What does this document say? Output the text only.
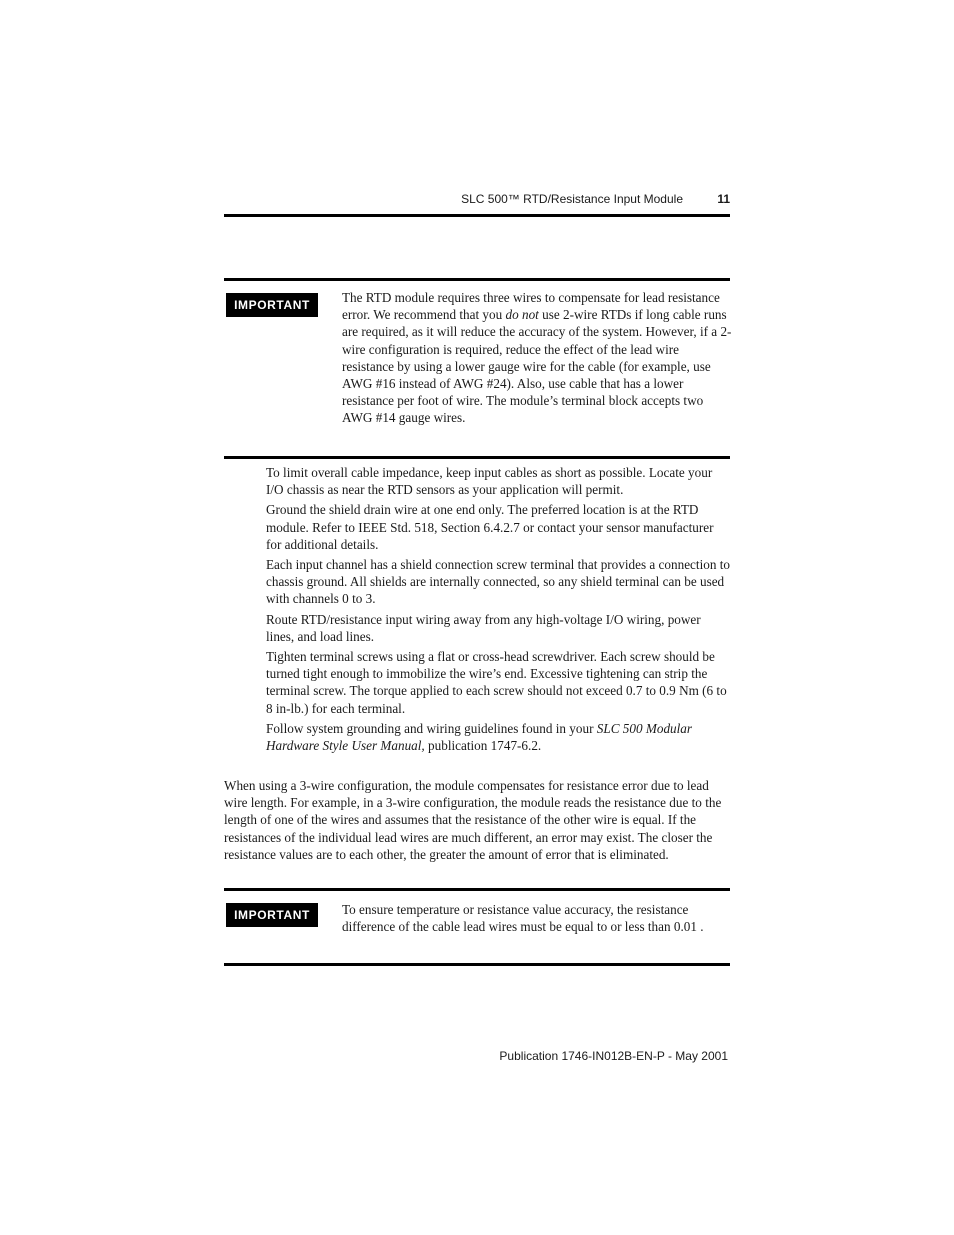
SLC 500™ RTD/Resistance Input Module	11
IMPORTANT	The RTD module requires three wires to compensate for lead resistance error. We recommend that you do not use 2-wire RTDs if long cable runs are required, as it will reduce the accuracy of the system. However, if a 2-wire configuration is required, reduce the effect of the lead wire resistance by using a lower gauge wire for the cable (for example, use AWG #16 instead of AWG #24). Also, use cable that has a lower resistance per foot of wire. The module’s terminal block accepts two AWG #14 gauge wires.

To limit overall cable impedance, keep input cables as short as possible. Locate your I/O chassis as near the RTD sensors as your application will permit.

Ground the shield drain wire at one end only. The preferred location is at the RTD module. Refer to IEEE Std. 518, Section 6.4.2.7 or contact your sensor manufacturer for additional details.

Each input channel has a shield connection screw terminal that provides a connection to chassis ground. All shields are internally connected, so any shield terminal can be used with channels 0 to 3.

Route RTD/resistance input wiring away from any high-voltage I/O wiring, power lines, and load lines.

Tighten terminal screws using a flat or cross-head screwdriver. Each screw should be turned tight enough to immobilize the wire’s end. Excessive tightening can strip the terminal screw. The torque applied to each screw should not exceed 0.7 to 0.9 Nm (6 to 8 in-lb.) for each terminal.

Follow system grounding and wiring guidelines found in your SLC 500 Modular Hardware Style User Manual, publication 1747-6.2.

When using a 3-wire configuration, the module compensates for resistance error due to lead wire length. For example, in a 3-wire configuration, the module reads the resistance due to the length of one of the wires and assumes that the resistance of the other wire is equal. If the resistances of the individual lead wires are much different, an error may exist. The closer the resistance values are to each other, the greater the amount of error that is eliminated.

IMPORTANT	To ensure temperature or resistance value accuracy, the resistance difference of the cable lead wires must be equal to or less than 0.01 .
Publication 1746-IN012B-EN-P - May 2001
